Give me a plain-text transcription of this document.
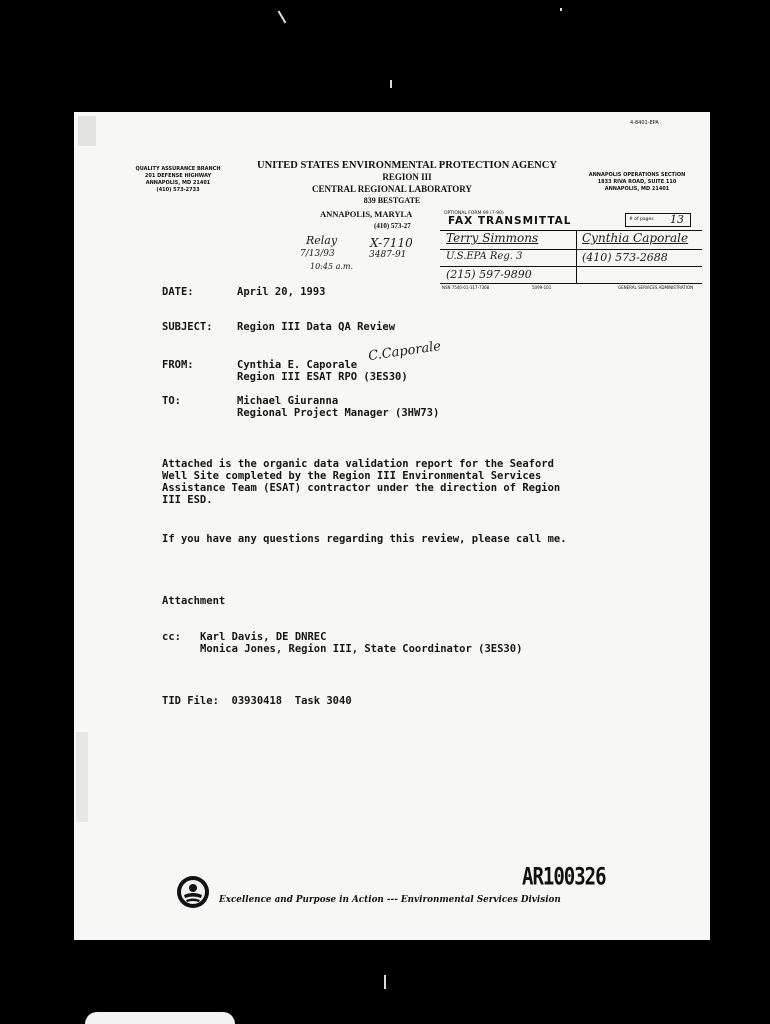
4-8401-EPA

QUALITY ASSURANCE BRANCH
201 DEFENSE HIGHWAY
ANNAPOLIS, MD 21401
(410) 573-2733
UNITED STATES ENVIRONMENTAL PROTECTION AGENCY
REGION III
CENTRAL REGIONAL LABORATORY
839 BESTGATE

ANNAPOLIS, MARYLA

(410) 573-27

ANNAPOLIS OPERATIONS SECTION
1833 RIVA ROAD, SUITE 110
ANNAPOLIS, MD 21401

Relay

7/13/93

10:45 a.m.

X-7110

3487-91

OPTIONAL FORM 99 (7-90)

FAX TRANSMITTAL	# of pages 13

Terry Simmons	Cynthia Caporale

U.S.EPA Reg. 3	(410) 573-2688

(215) 597-9890

NSN 7540-01-317-7368	5099-101	GENERAL SERVICES ADMINISTRATION

DATE:	April 20, 1993

SUBJECT: Region III Data QA Review

FROM:	Cynthia E. Caporale

Region III ESAT RPO (3ES30)

C.Caporale

TO:	Michael Giuranna

Regional Project Manager (3HW73)

Attached is the organic data validation report for the Seaford
Well Site completed by the Region III Environmental Services
Assistance Team (ESAT) contractor under the direction of Region
III ESD.

If you have any questions regarding this review, please call me.

Attachment

cc: Karl Davis, DE DNREC

Monica Jones, Region III, State Coordinator (3ES30)

TID File:  03930418  Task 3040

AR100326

Excellence and Purpose in Action --- Environmental Services Division
